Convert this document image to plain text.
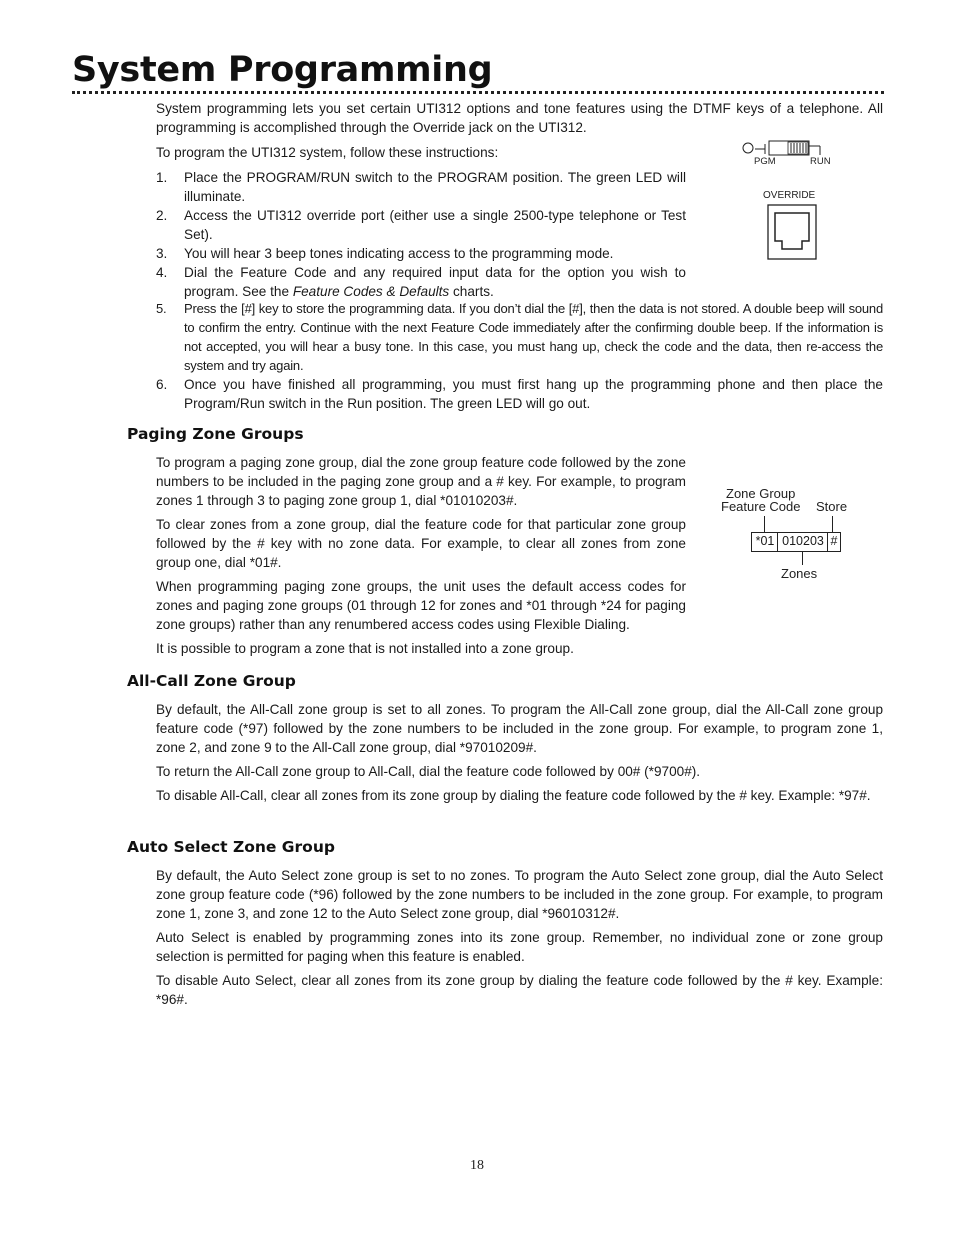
System Programming

System programming lets you set certain UTI312 options and tone features using the DTMF keys of a telephone. All programming is accomplished through the Override jack on the UTI312.

To program the UTI312 system, follow these instructions:

1. Place the PROGRAM/RUN switch to the PROGRAM position. The green LED will illuminate.
2. Access the UTI312 override port (either use a single 2500-type telephone or Test Set).
3. You will hear 3 beep tones indicating access to the programming mode.
4. Dial the Feature Code and any required input data for the option you wish to program. See the Feature Codes & Defaults charts.
5. Press the [#] key to store the programming data. If you don’t dial the [#], then the data is not stored. A double beep will sound to confirm the entry. Continue with the next Feature Code immediately after the confirming double beep. If the information is not accepted, you will hear a busy tone. In this case, you must hang up, check the code and the data, then re-access the system and try again.
6. Once you have finished all programming, you must first hang up the programming phone and then place the Program/Run switch in the Run position. The green LED will go out.
PGM	RUN
OVERRIDE
Paging Zone Groups

To program a paging zone group, dial the zone group feature code followed by the zone numbers to be included in the paging zone group and a # key. For example, to program zones 1 through 3 to paging zone group 1, dial *01010203#.

To clear zones from a zone group, dial the feature code for that particular zone group followed by the # key with no zone data. For example, to clear all zones from zone group one, dial *01#.

When programming paging zone groups, the unit uses the default access codes for zones and paging zone groups (01 through 12 for zones and *01 through *24 for paging zone groups) rather than any renumbered access codes using Flexible Dialing.

It is possible to program a zone that is not installed into a zone group.

Zone Group
Feature Code Store
*01 010203 #
Zones
All-Call Zone Group

By default, the All-Call zone group is set to all zones. To program the All-Call zone group, dial the All-Call zone group feature code (*97) followed by the zone numbers to be included in the zone group. For example, to program zone 1, zone 2, and zone 9 to the All-Call zone group, dial *97010209#.

To return the All-Call zone group to All-Call, dial the feature code followed by 00# (*9700#).

To disable All-Call, clear all zones from its zone group by dialing the feature code followed by the # key. Example: *97#.

Auto Select Zone Group

By default, the Auto Select zone group is set to no zones. To program the Auto Select zone group, dial the Auto Select zone group feature code (*96) followed by the zone numbers to be included in the zone group. For example, to program zone 1, zone 3, and zone 12 to the Auto Select zone group, dial *96010312#.

Auto Select is enabled by programming zones into its zone group. Remember, no individual zone or zone group selection is permitted for paging when this feature is enabled.

To disable Auto Select, clear all zones from its zone group by dialing the feature code followed by the # key. Example: *96#.

18
